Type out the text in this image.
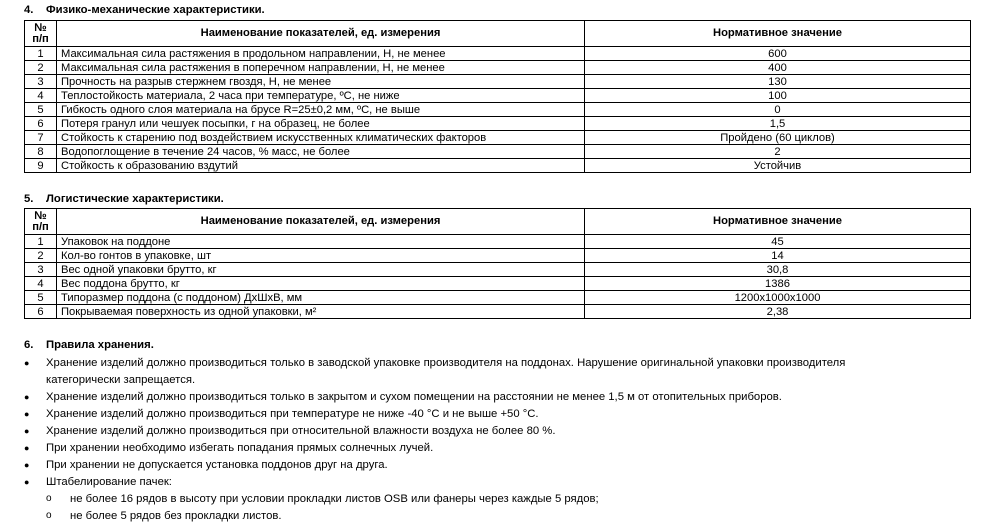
4. Физико-механические характеристики.
№ п/п	Наименование показателей, ед. измерения	Нормативное значение
1	Максимальная сила растяжения в продольном направлении, Н, не менее	600
2	Максимальная сила растяжения в поперечном направлении, Н, не менее	400
3	Прочность на разрыв стержнем гвоздя, Н, не менее	130
4	Теплостойкость материала, 2 часа при температуре, ºС, не ниже	100
5	Гибкость одного слоя материала на брусе R=25±0,2 мм, ºС, не выше	0
6	Потеря гранул или чешуек посыпки, г на образец, не более	1,5
7	Стойкость к старению под воздействием искусственных климатических факторов	Пройдено (60 циклов)
8	Водопоглощение в течение 24 часов, % масс, не более	2
9	Стойкость к образованию вздутий	Устойчив
5. Логистические характеристики.
№ п/п	Наименование показателей, ед. измерения	Нормативное значение
1	Упаковок на поддоне	45
2	Кол-во гонтов в упаковке, шт	14
3	Вес одной упаковки брутто, кг	30,8
4	Вес поддона брутто, кг	1386
5	Типоразмер поддона (с поддоном) ДхШхВ, мм	1200х1000х1000
6	Покрываемая поверхность из одной упаковки, м²	2,38
6. Правила хранения.
● Хранение изделий должно производиться только в заводской упаковке производителя на поддонах. Нарушение оригинальной упаковки производителя
категорически запрещается.
● Хранение изделий должно производиться только в закрытом и сухом помещении на расстоянии не менее 1,5 м от отопительных приборов.
● Хранение изделий должно производиться при температуре не ниже -40 °С и не выше +50 °С.
● Хранение изделий должно производиться при относительной влажности воздуха не более 80 %.
● При хранении необходимо избегать попадания прямых солнечных лучей.
● При хранении не допускается установка поддонов друг на друга.
● Штабелирование пачек:
o не более 16 рядов в высоту при условии прокладки листов OSB или фанеры через каждые 5 рядов;
o не более 5 рядов без прокладки листов.
